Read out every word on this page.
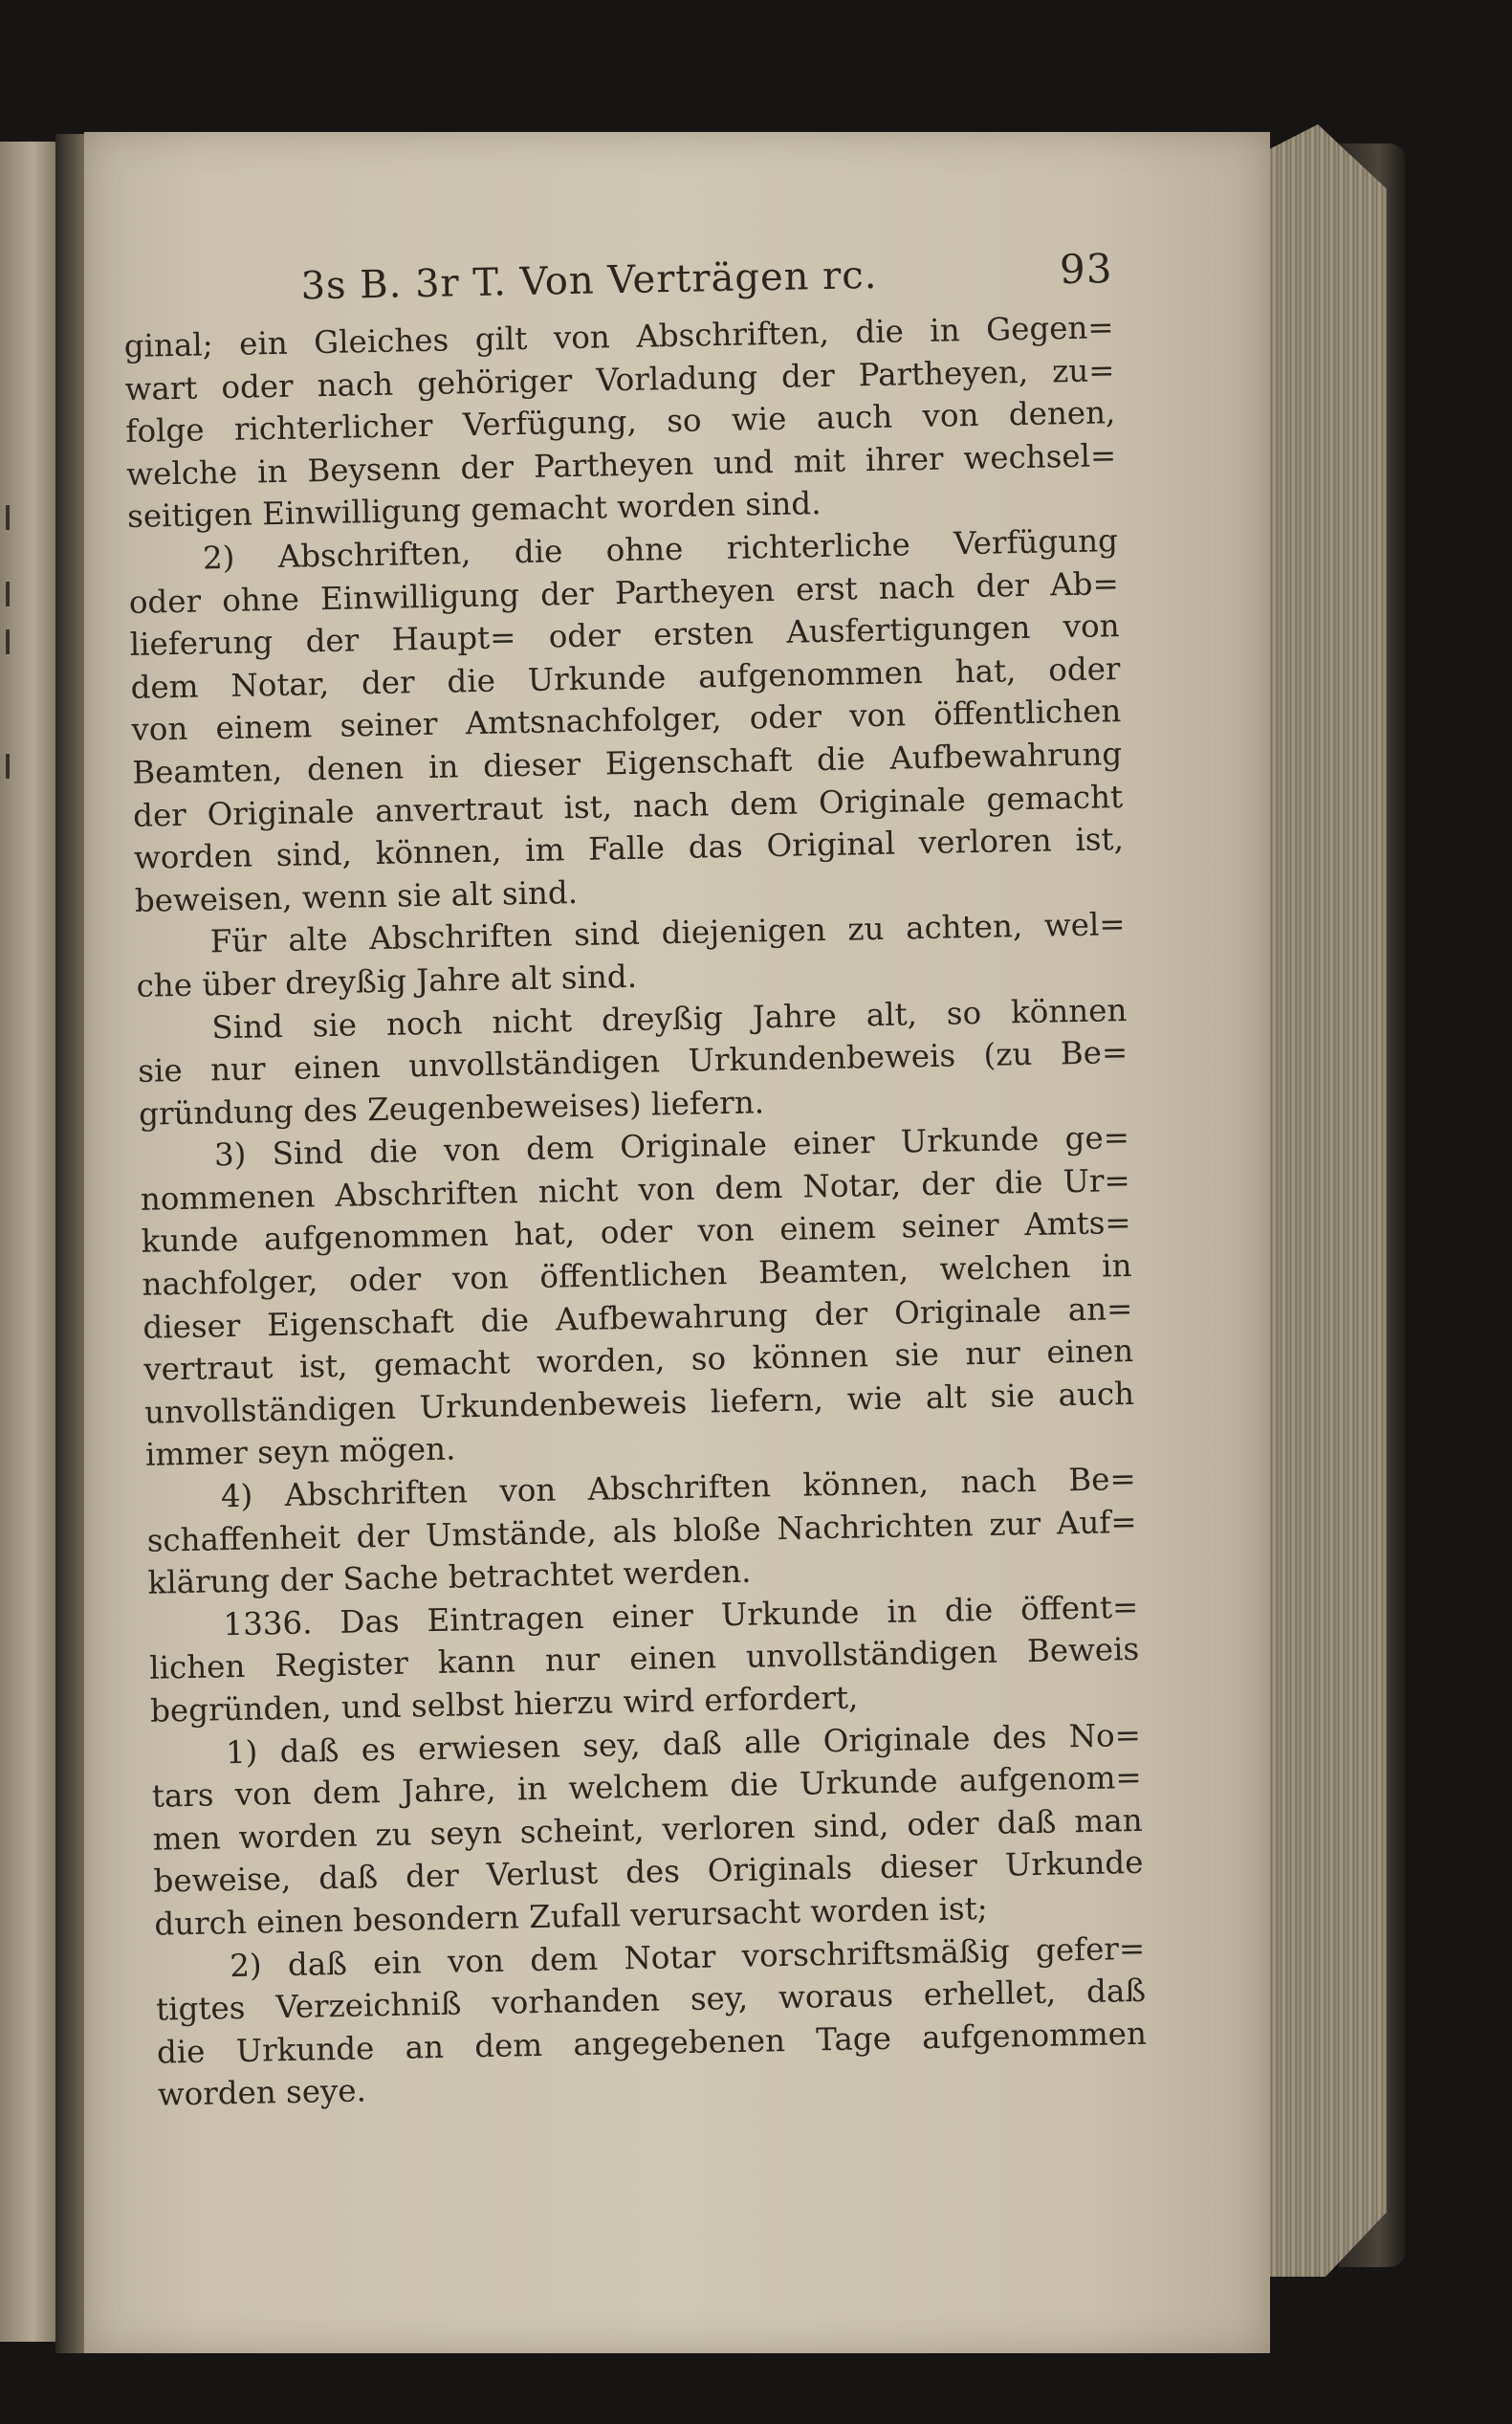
3s B. 3r T. Von Verträgen rc.	93
ginal; ein Gleiches gilt von Abschriften, die in Gegen=
wart oder nach gehöriger Vorladung der Partheyen, zu=
folge richterlicher Verfügung, so wie auch von denen,
welche in Beysenn der Partheyen und mit ihrer wechsel=
seitigen Einwilligung gemacht worden sind.
2) Abschriften, die ohne richterliche Verfügung
oder ohne Einwilligung der Partheyen erst nach der Ab=
lieferung der Haupt= oder ersten Ausfertigungen von
dem Notar, der die Urkunde aufgenommen hat, oder
von einem seiner Amtsnachfolger, oder von öffentlichen
Beamten, denen in dieser Eigenschaft die Aufbewahrung
der Originale anvertraut ist, nach dem Originale gemacht
worden sind, können, im Falle das Original verloren ist,
beweisen, wenn sie alt sind.
Für alte Abschriften sind diejenigen zu achten, wel=
che über dreyßig Jahre alt sind.
Sind sie noch nicht dreyßig Jahre alt, so können
sie nur einen unvollständigen Urkundenbeweis (zu Be=
gründung des Zeugenbeweises) liefern.
3) Sind die von dem Originale einer Urkunde ge=
nommenen Abschriften nicht von dem Notar, der die Ur=
kunde aufgenommen hat, oder von einem seiner Amts=
nachfolger, oder von öffentlichen Beamten, welchen in
dieser Eigenschaft die Aufbewahrung der Originale an=
vertraut ist, gemacht worden, so können sie nur einen
unvollständigen Urkundenbeweis liefern, wie alt sie auch
immer seyn mögen.
4) Abschriften von Abschriften können, nach Be=
schaffenheit der Umstände, als bloße Nachrichten zur Auf=
klärung der Sache betrachtet werden.
1336. Das Eintragen einer Urkunde in die öffent=
lichen Register kann nur einen unvollständigen Beweis
begründen, und selbst hierzu wird erfordert,
1) daß es erwiesen sey, daß alle Originale des No=
tars von dem Jahre, in welchem die Urkunde aufgenom=
men worden zu seyn scheint, verloren sind, oder daß man
beweise, daß der Verlust des Originals dieser Urkunde
durch einen besondern Zufall verursacht worden ist;
2) daß ein von dem Notar vorschriftsmäßig gefer=
tigtes Verzeichniß vorhanden sey, woraus erhellet, daß
die Urkunde an dem angegebenen Tage aufgenommen
worden seye.
